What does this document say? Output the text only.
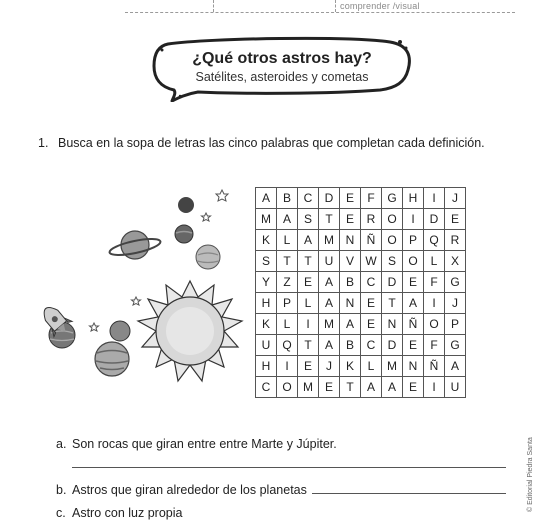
comprender /visual
¿Qué otros astros hay?
Satélites, asteroides y cometas
1. Busca en la sopa de letras las cinco palabras que completan cada definición.
A	B	C	D	E	F	G	H	I	J
M	A	S	T	E	R	O	I	D	E
K	L	A	M	N	Ñ	O	P	Q	R
S	T	T	U	V	W	S	O	L	X
Y	Z	E	A	B	C	D	E	F	G
H	P	L	A	N	E	T	A	I	J
K	L	I	M	A	E	N	Ñ	O	P
U	Q	T	A	B	C	D	E	F	G
H	I	E	J	K	L	M	N	Ñ	A
C	O	M	E	T	A	A	E	I	U
a. Son rocas que giran entre entre Marte y Júpiter.
b. Astros que giran alrededor de los planetas
c. Astro con luz propia
© Editorial Piedra Santa
